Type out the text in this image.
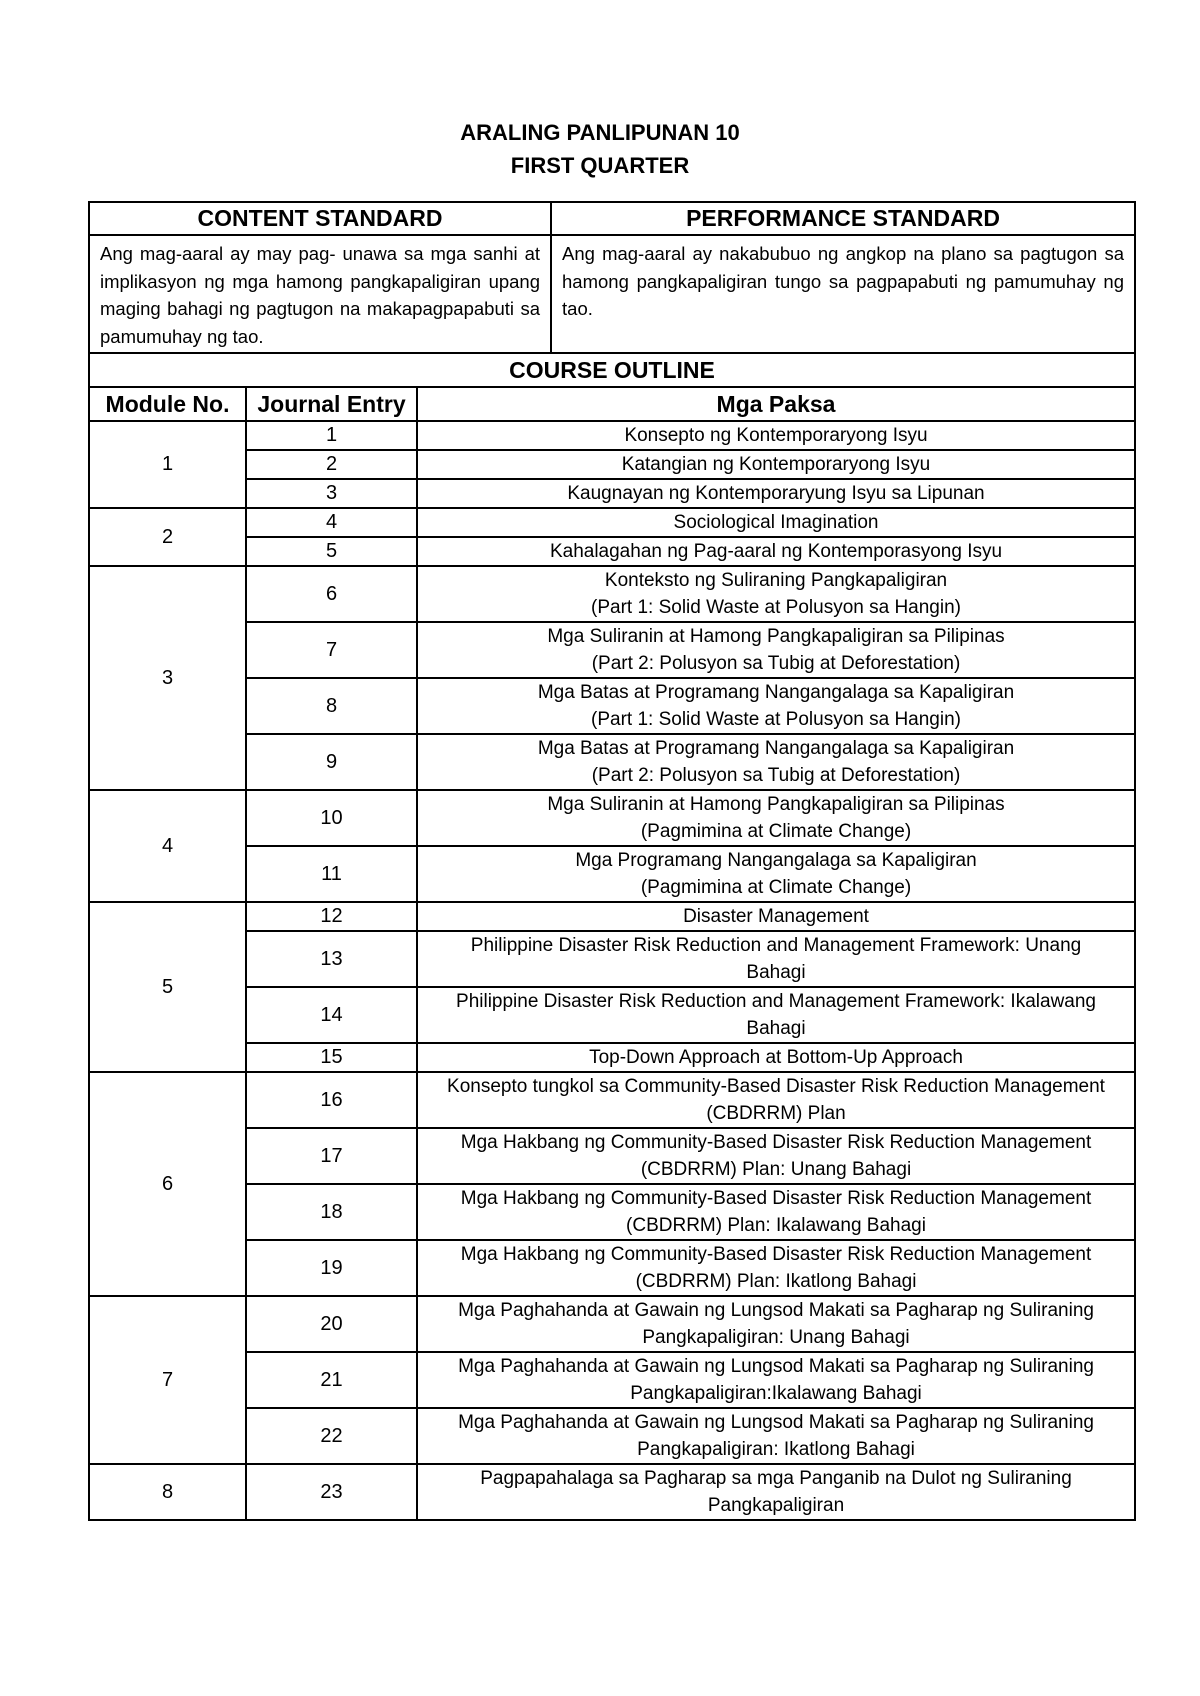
ARALING PANLIPUNAN 10
FIRST QUARTER
CONTENT STANDARD			PERFORMANCE STANDARD
Ang mag-aaral ay may pag- unawa sa mga sanhi at implikasyon ng mga hamong pangkapaligiran upang maging bahagi ng pagtugon na makapagpapabuti sa pamumuhay ng tao.			Ang mag-aaral ay nakabubuo ng angkop na plano sa pagtugon sa hamong pangkapaligiran tungo sa pagpapabuti ng pamumuhay ng tao.
COURSE OUTLINE			
Module No.	Journal Entry	Mga Paksa	
1	1	Konsepto ng Kontemporaryong Isyu	

	2	Katangian ng Kontemporaryong Isyu	

	3	Kaugnayan ng Kontemporaryung Isyu sa Lipunan	

2	4	Sociological Imagination	

	5	Kahalagahan ng Pag-aaral ng Kontemporasyong Isyu	

3	6	Konteksto ng Suliraning Pangkapaligiran
(Part 1: Solid Waste at Polusyon sa Hangin)	

	7	Mga Suliranin at Hamong Pangkapaligiran sa Pilipinas
(Part 2: Polusyon sa Tubig at Deforestation)	

	8	Mga Batas at Programang Nangangalaga sa Kapaligiran
(Part 1: Solid Waste at Polusyon sa Hangin)	

	9	Mga Batas at Programang Nangangalaga sa Kapaligiran
(Part 2: Polusyon sa Tubig at Deforestation)	

4	10	Mga Suliranin at Hamong Pangkapaligiran sa Pilipinas
(Pagmimina at Climate Change)	

	11	Mga Programang Nangangalaga sa Kapaligiran
(Pagmimina at Climate Change)	

5	12	Disaster Management	

	13	Philippine Disaster Risk Reduction and Management Framework: Unang
Bahagi	

	14	Philippine Disaster Risk Reduction and Management Framework: Ikalawang
Bahagi	

	15	Top-Down Approach at Bottom-Up Approach	

6	16	Konsepto tungkol sa Community-Based Disaster Risk Reduction Management
(CBDRRM) Plan	

	17	Mga Hakbang ng Community-Based Disaster Risk Reduction Management
(CBDRRM) Plan: Unang Bahagi	

	18	Mga Hakbang ng Community-Based Disaster Risk Reduction Management
(CBDRRM) Plan: Ikalawang Bahagi	

	19	Mga Hakbang ng Community-Based Disaster Risk Reduction Management
(CBDRRM) Plan: Ikatlong Bahagi	

7	20	Mga Paghahanda at Gawain ng Lungsod Makati sa Pagharap ng Suliraning
Pangkapaligiran: Unang Bahagi	

	21	Mga Paghahanda at Gawain ng Lungsod Makati sa Pagharap ng Suliraning
Pangkapaligiran:Ikalawang Bahagi	

	22	Mga Paghahanda at Gawain ng Lungsod Makati sa Pagharap ng Suliraning
Pangkapaligiran: Ikatlong Bahagi	

8	23	Pagpapahalaga sa Pagharap sa mga Panganib na Dulot ng Suliraning
Pangkapaligiran	
